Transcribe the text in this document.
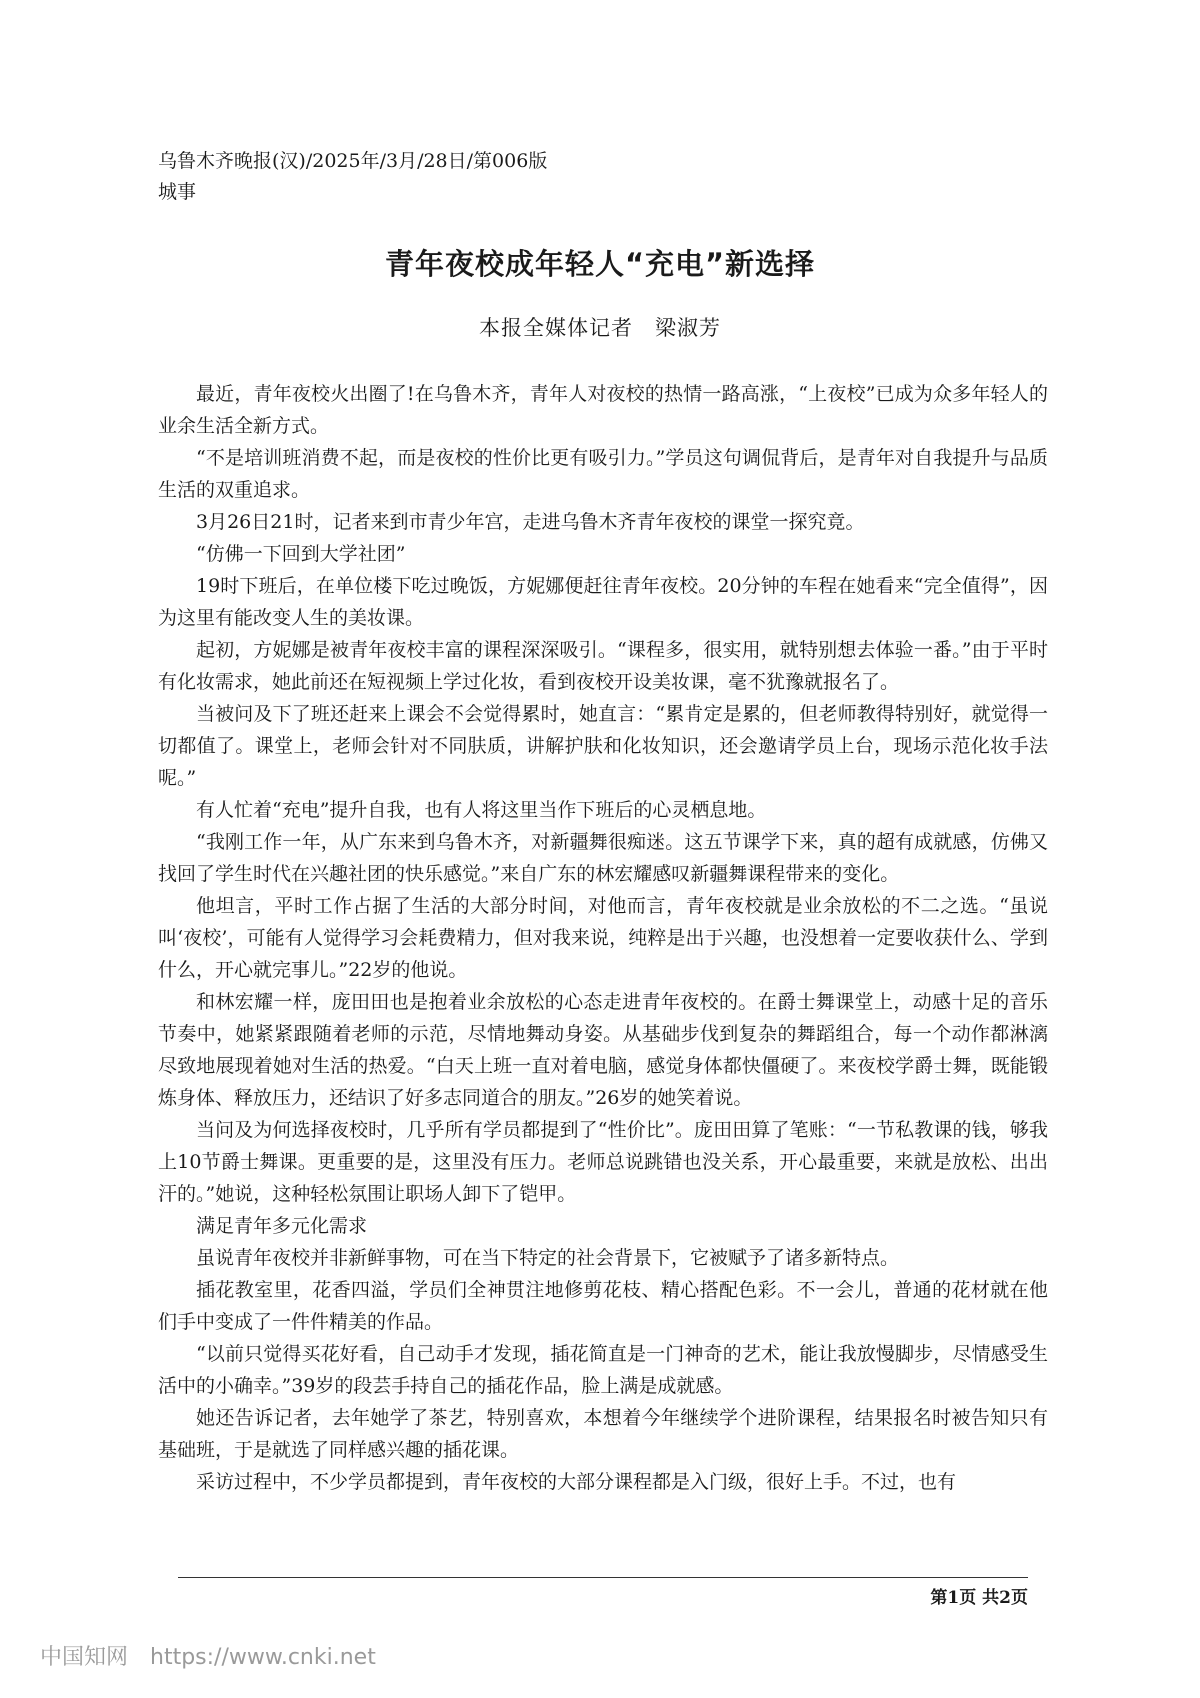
乌鲁木齐晚报(汉)/2025年/3月/28日/第006版
城事
青年夜校成年轻人“充电”新选择
本报全媒体记者　梁淑芳

最近，青年夜校火出圈了!在乌鲁木齐，青年人对夜校的热情一路高涨，“上夜校”已成为众多年轻人的业余生活全新方式。

“不是培训班消费不起，而是夜校的性价比更有吸引力。”学员这句调侃背后，是青年对自我提升与品质生活的双重追求。

3月26日21时，记者来到市青少年宫，走进乌鲁木齐青年夜校的课堂一探究竟。

“仿佛一下回到大学社团”

19时下班后，在单位楼下吃过晚饭，方妮娜便赶往青年夜校。20分钟的车程在她看来“完全值得”，因为这里有能改变人生的美妆课。

起初，方妮娜是被青年夜校丰富的课程深深吸引。“课程多，很实用，就特别想去体验一番。”由于平时有化妆需求，她此前还在短视频上学过化妆，看到夜校开设美妆课，毫不犹豫就报名了。

当被问及下了班还赶来上课会不会觉得累时，她直言：“累肯定是累的，但老师教得特别好，就觉得一切都值了。课堂上，老师会针对不同肤质，讲解护肤和化妆知识，还会邀请学员上台，现场示范化妆手法呢。”

有人忙着“充电”提升自我，也有人将这里当作下班后的心灵栖息地。

“我刚工作一年，从广东来到乌鲁木齐，对新疆舞很痴迷。这五节课学下来，真的超有成就感，仿佛又找回了学生时代在兴趣社团的快乐感觉。”来自广东的林宏耀感叹新疆舞课程带来的变化。

他坦言，平时工作占据了生活的大部分时间，对他而言，青年夜校就是业余放松的不二之选。“虽说叫‘夜校’，可能有人觉得学习会耗费精力，但对我来说，纯粹是出于兴趣，也没想着一定要收获什么、学到什么，开心就完事儿。”22岁的他说。

和林宏耀一样，庞田田也是抱着业余放松的心态走进青年夜校的。在爵士舞课堂上，动感十足的音乐节奏中，她紧紧跟随着老师的示范，尽情地舞动身姿。从基础步伐到复杂的舞蹈组合，每一个动作都淋漓尽致地展现着她对生活的热爱。“白天上班一直对着电脑，感觉身体都快僵硬了。来夜校学爵士舞，既能锻炼身体、释放压力，还结识了好多志同道合的朋友。”26岁的她笑着说。

当问及为何选择夜校时，几乎所有学员都提到了“性价比”。庞田田算了笔账：“一节私教课的钱，够我上10节爵士舞课。更重要的是，这里没有压力。老师总说跳错也没关系，开心最重要，来就是放松、出出汗的。”她说，这种轻松氛围让职场人卸下了铠甲。

满足青年多元化需求

虽说青年夜校并非新鲜事物，可在当下特定的社会背景下，它被赋予了诸多新特点。

插花教室里，花香四溢，学员们全神贯注地修剪花枝、精心搭配色彩。不一会儿，普通的花材就在他们手中变成了一件件精美的作品。

“以前只觉得买花好看，自己动手才发现，插花简直是一门神奇的艺术，能让我放慢脚步，尽情感受生活中的小确幸。”39岁的段芸手持自己的插花作品，脸上满是成就感。

她还告诉记者，去年她学了茶艺，特别喜欢，本想着今年继续学个进阶课程，结果报名时被告知只有基础班，于是就选了同样感兴趣的插花课。

采访过程中，不少学员都提到，青年夜校的大部分课程都是入门级，很好上手。不过，也有

第1页 共2页
中国知网 https://www.cnki.net
